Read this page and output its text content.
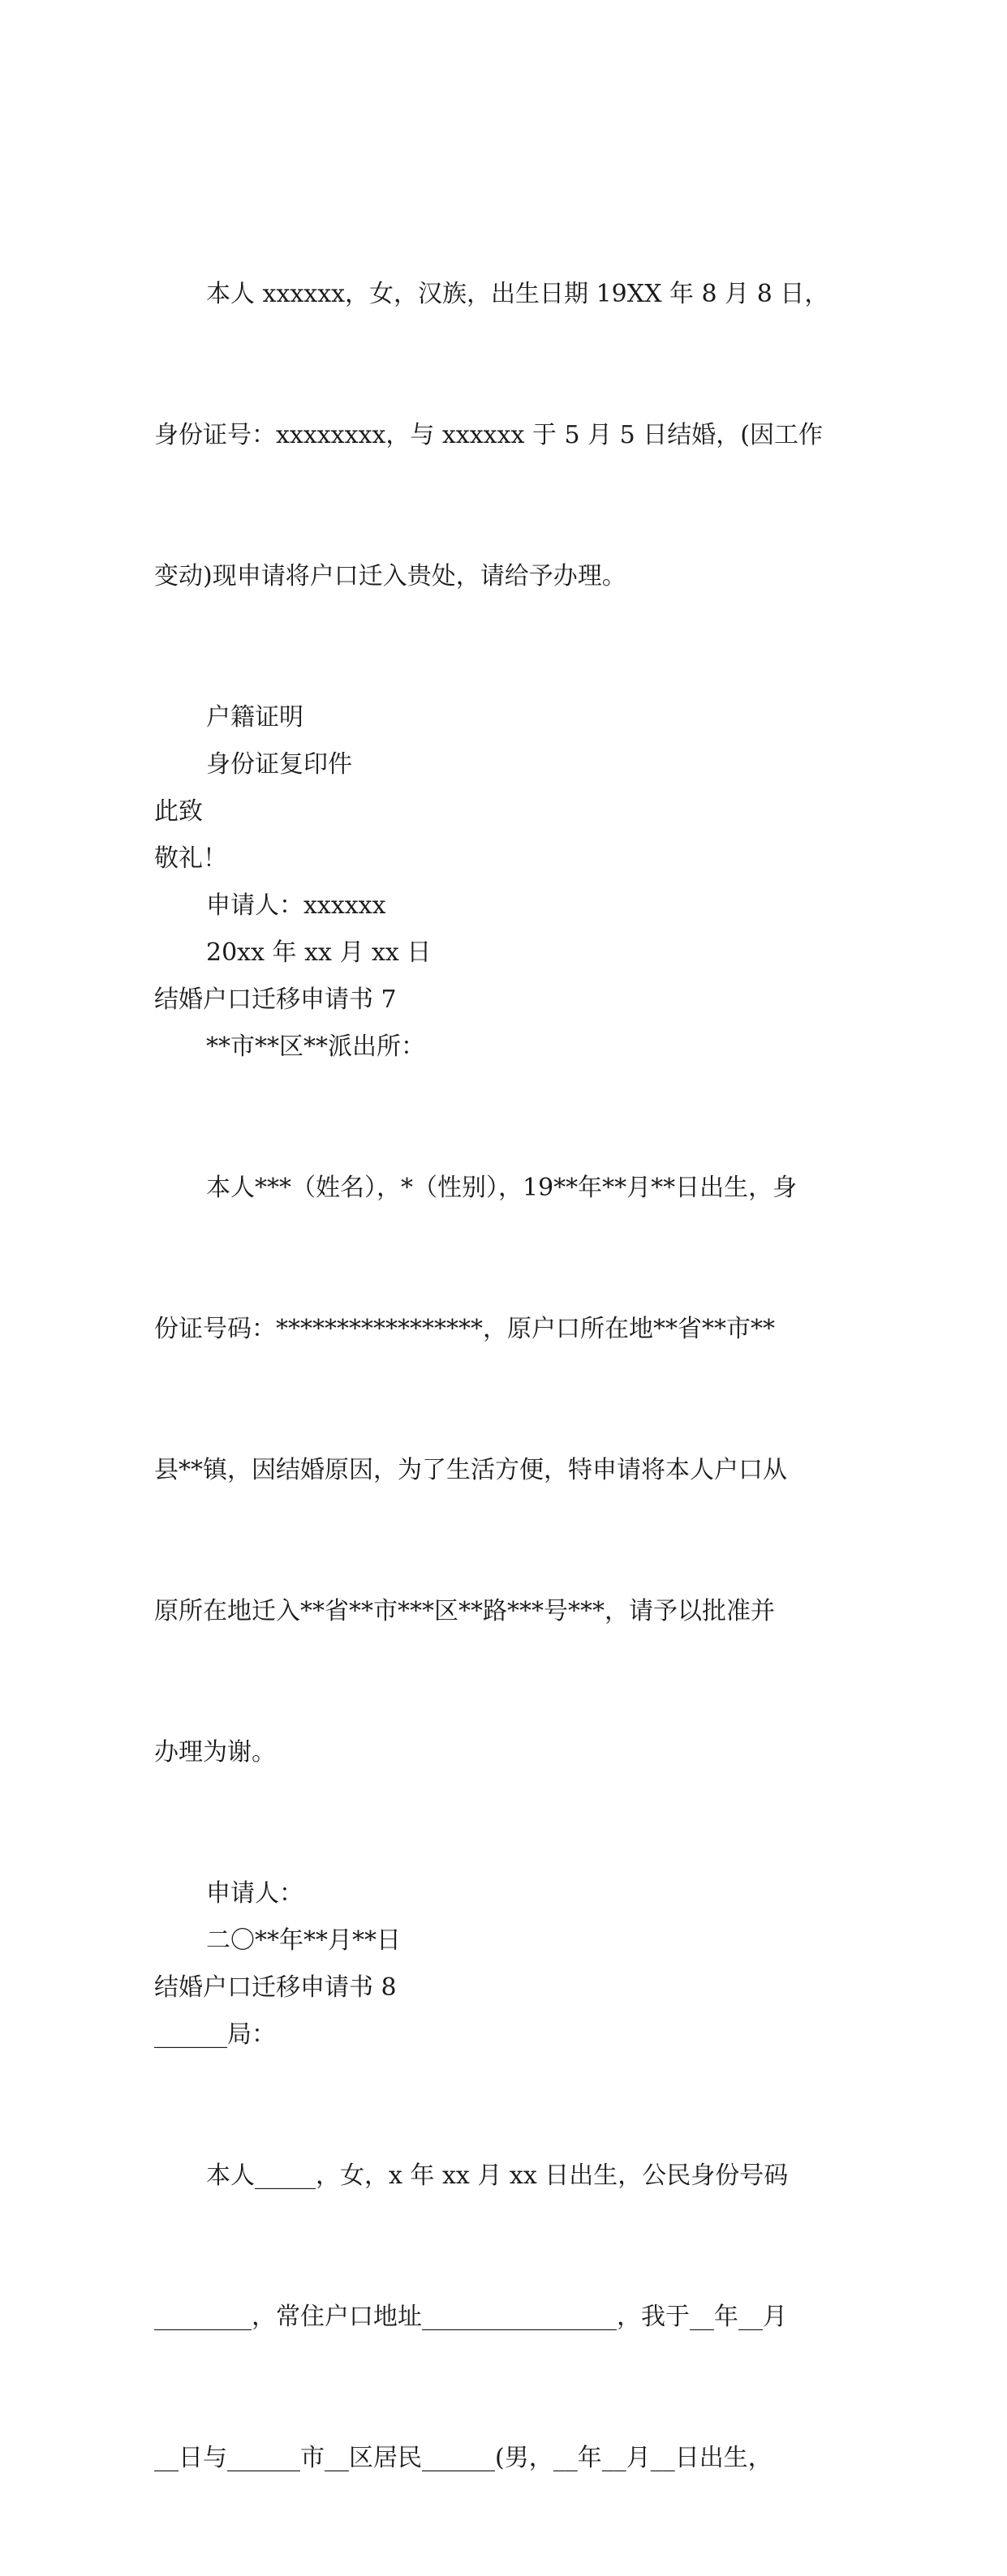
本人 xxxxxx，女，汉族，出生日期 19XX 年 8 月 8 日，

身份证号：xxxxxxxx，与 xxxxxx 于 5 月 5 日结婚，(因工作

变动)现申请将户口迁入贵处，请给予办理。

户籍证明
身份证复印件
此致
敬礼！
申请人：xxxxxx
20xx 年 xx 月 xx 日
结婚户口迁移申请书 7
**市**区**派出所：

本人***（姓名），*（性别），19**年**月**日出生，身

份证号码：*****************，原户口所在地**省**市**

县**镇，因结婚原因，为了生活方便，特申请将本人户口从

原所在地迁入**省**市***区**路***号***，请予以批准并

办理为谢。

申请人：
二〇**年**月**日
结婚户口迁移申请书 8
______局：

本人_____，女，x 年 xx 月 xx 日出生，公民身份号码

________，常住户口地址________________，我于__年__月

__日与______市__区居民______(男，__年__月__日出生，
